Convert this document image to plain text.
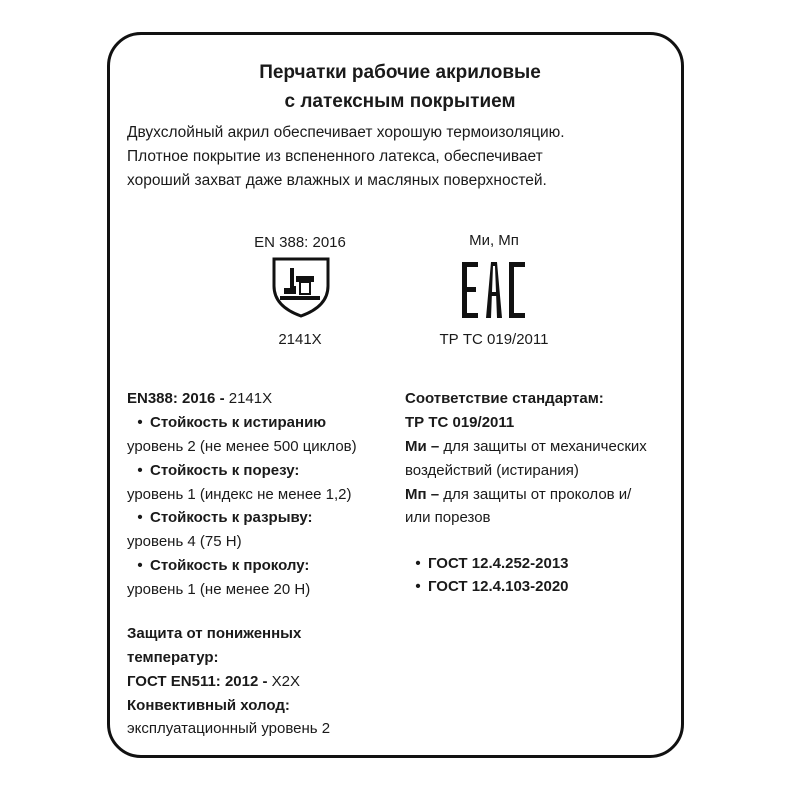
Перчатки рабочие акриловые
с латексным покрытием
Двухслойный акрил обеспечивает хорошую термоизоляцию.
Плотное покрытие из вспененного латекса, обеспечивает
хороший захват даже влажных и масляных поверхностей.
EN 388: 2016
2141X
Ми, Мп
ТР ТС 019/2011
EN388: 2016 - 2141X
• Стойкость к истиранию
уровень 2 (не менее 500 циклов)
• Стойкость к порезу:
уровень 1 (индекс не менее 1,2)
• Стойкость к разрыву:
уровень 4 (75 Н)
• Стойкость к проколу:
уровень 1 (не менее 20 Н)
Защита от пониженных
температур:
ГОСТ EN511: 2012 - X2X
Конвективный холод:
эксплуатационный уровень 2
Соответствие стандартам:
ТР ТС 019/2011
Ми – для защиты от механических
воздействий (истирания)
Мп – для защиты от проколов и/
или порезов
• ГОСТ 12.4.252-2013
• ГОСТ 12.4.103-2020
